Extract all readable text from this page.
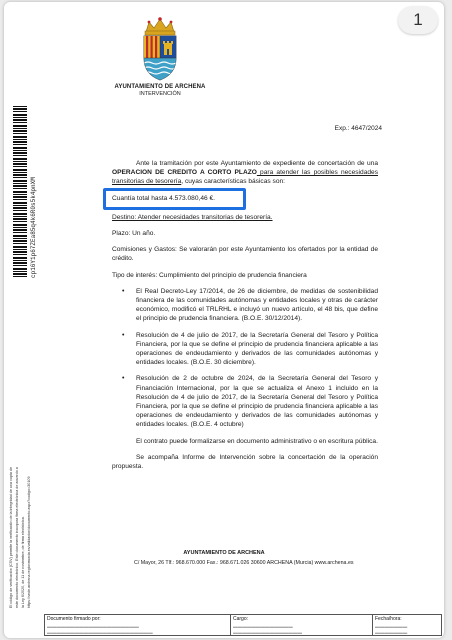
1
cp16Y1p67ZEa85q4k6R0s5k4pnXM
El código de verificación (CSV) permite la verificación de la integridad de una copia de este documento electrónico. Este documento incorpora firma electrónica de acuerdo a la Ley 6/2020, de 11 de noviembre, de firma electrónica. https://sede.archena.regionmurcia.es/validacion/documento.aspx?codigo=30109
AYUNTAMIENTO DE ARCHENA
INTERVENCIÓN
Exp.: 4647/2024

Ante la tramitación por este Ayuntamiento de expediente de concertación de una OPERACION DE CREDITO A CORTO PLAZO para atender las posibles necesidades transitorias de tesorería, cuyas características básicas son:

Cuantía total hasta 4.573.080,46 €.

Destino: Atender necesidades transitorias de tesorería.

Plazo: Un año.

Comisiones y Gastos: Se valorarán por este Ayuntamiento los ofertados por la entidad de crédito.

Tipo de interés: Cumplimiento del principio de prudencia financiera

• El Real Decreto-Ley 17/2014, de 26 de diciembre, de medidas de sostenibilidad financiera de las comunidades autónomas y entidades locales y otras de carácter económico, modificó el TRLRHL e incluyó un nuevo artículo, el 48 bis, que define el principio de prudencia financiera. (B.O.E. 30/12/2014).
• Resolución de 4 de julio de 2017, de la Secretaría General del Tesoro y Política Financiera, por la que se define el principio de prudencia financiera aplicable a las operaciones de endeudamiento y derivados de las comunidades autónomas y entidades locales. (B.O.E. 30 diciembre).
• Resolución de 2 de octubre de 2024, de la Secretaría General del Tesoro y Financiación Internacional, por la que se actualiza el Anexo 1 incluido en la Resolución de 4 de julio de 2017, de la Secretaría General del Tesoro y Política Financiera, por la que se define el principio de prudencia financiera aplicable a las operaciones de endeudamiento y derivados de las comunidades autónomas y entidades locales. (B.O.E. 4 octubre)

El contrato puede formalizarse en documento administrativo o en escritura pública.

Se acompaña Informe de Intervención sobre la concertación de la operación propuesta.

AYUNTAMIENTO DE ARCHENA
C/ Mayor, 26 Tlf.: 968.670.000 Fax.: 968.671.026 30600 ARCHENA (Murcia) www.archena.es
Documento firmado por:
▬▬▬▬▬▬▬▬▬▬▬▬▬▬▬▬▬▬▬▬
▬▬▬▬▬▬▬▬▬▬▬▬▬▬▬▬▬▬▬▬▬▬▬
Cargo:
▬▬▬▬▬▬▬▬▬▬▬▬▬
▬▬▬▬▬▬▬▬▬▬▬▬▬▬▬
Fecha/hora:
▬▬▬▬▬▬▬
▬▬▬▬▬▬▬
